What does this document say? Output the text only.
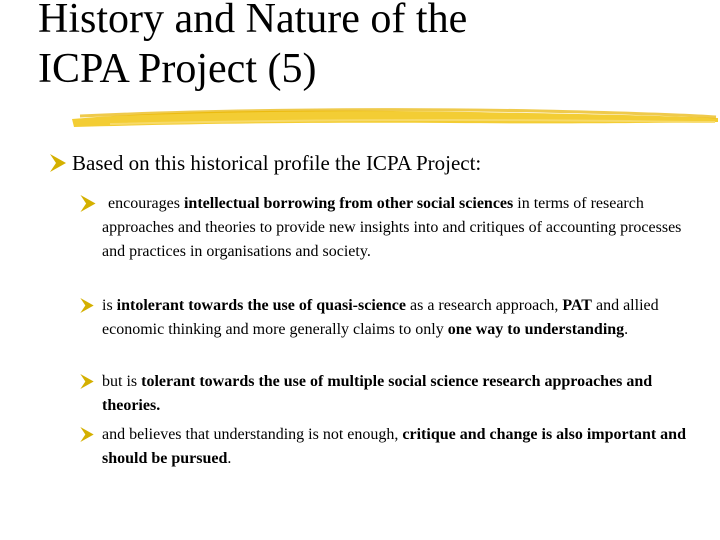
History and Nature of the
ICPA Project (5)
Based on this historical profile the ICPA Project:
encourages intellectual borrowing from other social sciences in terms of research approaches and theories to provide new insights into and critiques of accounting processes and practices in organisations and society.
is intolerant towards the use of quasi-science as a research approach, PAT and allied economic thinking and more generally claims to only one way to understanding.
but is tolerant towards the use of multiple social science research approaches and theories.
and believes that understanding is not enough, critique and change is also important and should be pursued.
